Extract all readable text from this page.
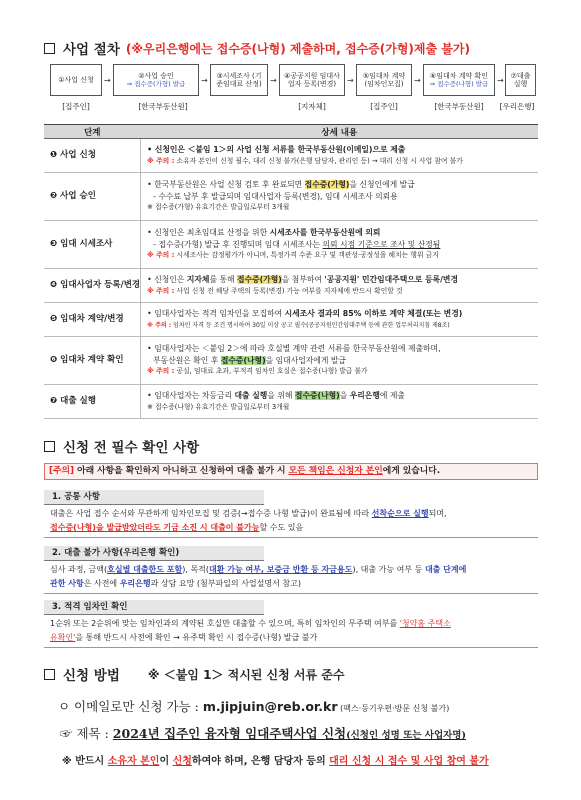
사업 절차 (※우리은행에는 접수증(나형) 제출하며, 접수증(가형)제출 불가)
①사업 신청	→
②사업 승인
⇒ 접수증(가형) 발급	→
③시세조사 (기준임대료 산정) →
④공공지원 임대사업자 등록(변경)	→
⑤임대차 계약 (임차인모집)	→
⑥임대차 계약 확인
⇒ 접수증(나형) 발급	→
⑦대출실행
[집주인]	[한국부동산원]	[지자체]	[집주인]	[한국부동산원]	[우리은행]
단계	상세 내용
❶ 사업 신청	• 신청인은 ＜붙임 1＞의 사업 신청 서류를 한국부동산원(이메일)으로 제출
※ 주의 : 소유자 본인이 신청 필수, 대리 신청 불가(은행 담당자, 관리인 등) → 대리 신청 시 사업 참여 불가

❷ 사업 승인	• 한국부동산원은 사업 신청 검토 후 완료되면 접수증(가형)을 신청인에게 발급
- 수수료 납부 후 발급되며 임대사업자 등록(변경), 임대 시세조사 의뢰용
※ 접수증(가형) 유효기간은 발급일로부터 3개월

❸ 임대 시세조사	• 신청인은 최초임대료 산정을 위한 시세조사를 한국부동산원에 의뢰
- 접수증(가형) 발급 후 진행되며 임대 시세조사는 의뢰 시점 기준으로 조사 및 산정됨
※ 주의 : 시세조사는 감정평가가 아니며, 특정가격 수준 요구 및 객관성·공정성을 해치는 행위 금지

❹ 임대사업자 등록/변경	• 신청인은 지자체를 통해 접수증(가형)을 첨부하여 '공공지원' 민간임대주택으로 등록/변경
※ 주의 : 사업 신청 전 해당 주택의 등록(변경) 가능 여부를 지자체에 반드시 확인할 것

❺ 임대차 계약/변경	• 임대사업자는 적격 임차인을 모집하여 시세조사 결과의 85% 이하로 계약 체결(또는 변경)
※ 주의 : 임차인 자격 등 조건 명시하여 30일 이상 공고 필수(공공지원민간임대주택 등에 관한 업무처리지침 제8조)

❻ 임대차 계약 확인	• 임대사업자는 ＜붙임 2＞에 따라 호실별 계약 관련 서류를 한국부동산원에 제출하며,
부동산원은 확인 후 접수증(나형)을 임대사업자에게 발급
※ 주의 : 공실, 임대료 초과, 부적격 임차인 호실은 접수증(나형) 발급 불가

❼ 대출 실행	• 임대사업자는 차등금리 대출 실행을 위해 접수증(나형)을 우리은행에 제출
※ 접수증(나형) 유효기간은 발급일로부터 3개월
신청 전 필수 확인 사항
[주의] 아래 사항을 확인하지 아니하고 신청하여 대출 불가 시 모든 책임은 신청자 본인에게 있습니다.
1. 공통 사항
대출은 사업 접수 순서와 무관하게 임차인모집 및 검증(→접수증 나형 발급)이 완료됨에 따라 선착순으로 실행되며,
접수증(나형)을 발급받았더라도 기금 소진 시 대출이 불가능할 수도 있음
2. 대출 불가 사항(우리은행 확인)
심사 과정, 금액(호실별 대출한도 포함), 목적(대환 가능 여부, 보증금 반환 등 자금용도), 대출 가능 여부 등 대출 단계에
관한 사항은 사전에 우리은행과 상담 요망 (첨부파일의 사업설명서 참고)
3. 적격 임차인 확인
1순위 또는 2순위에 맞는 임차인과의 계약된 호실만 대출할 수 있으며, 특히 임차인의 무주택 여부를 '청약홈 주택소
유확인'을 통해 반드시 사전에 확인 → 유주택 확인 시 접수증(나형) 발급 불가
신청 방법 ※ ＜붙임 1＞ 적시된 신청 서류 준수
ㅇ 이메일로만 신청 가능 : m.jipjuin@reb.or.kr (팩스·등기우편·방문 신청 불가)
☞ 제목 : 2024년 집주인 융자형 임대주택사업 신청(신청인 성명 또는 사업자명)
※ 반드시 소유자 본인이 신청하여야 하며, 은행 담당자 등의 대리 신청 시 접수 및 사업 참여 불가
